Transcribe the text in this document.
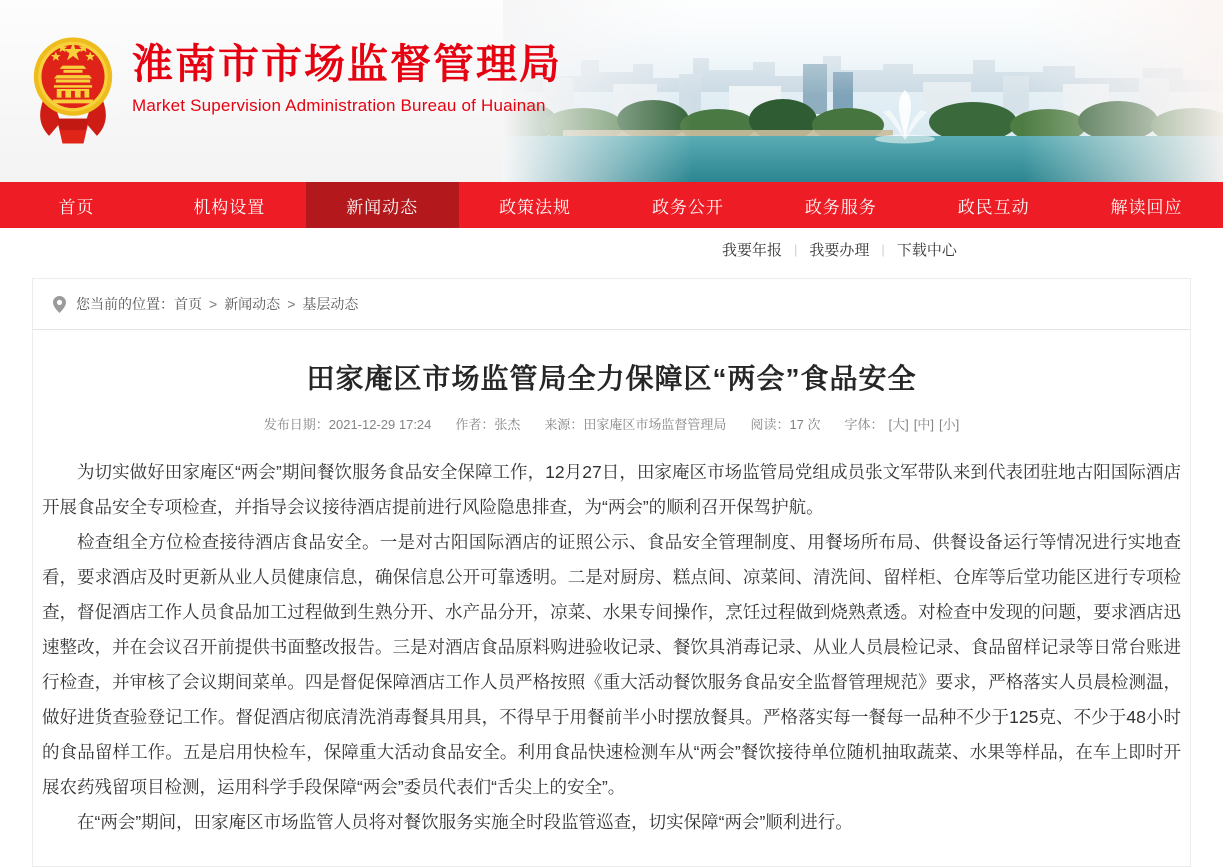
淮南市市场监督管理局
Market Supervision Administration Bureau of Huainan
首页	机构设置	新闻动态	政策法规	政务公开	政务服务	政民互动	解读回应
我要年报 | 我要办理 | 下载中心
您当前的位置： 首页 > 新闻动态 > 基层动态
田家庵区市场监管局全力保障区“两会”食品安全
发布日期：2021-12-29 17:24 作者：张杰 来源：田家庵区市场监督管理局 阅读：17 次 字体： [大] [中] [小]

为切实做好田家庵区“两会”期间餐饮服务食品安全保障工作，12月27日，田家庵区市场监管局党组成员张文军带队来到代表团驻地古阳国际酒店开展食品安全专项检查，并指导会议接待酒店提前进行风险隐患排查，为“两会”的顺利召开保驾护航。

检查组全方位检查接待酒店食品安全。一是对古阳国际酒店的证照公示、食品安全管理制度、用餐场所布局、供餐设备运行等情况进行实地查看，要求酒店及时更新从业人员健康信息，确保信息公开可靠透明。二是对厨房、糕点间、凉菜间、清洗间、留样柜、仓库等后堂功能区进行专项检查，督促酒店工作人员食品加工过程做到生熟分开、水产品分开，凉菜、水果专间操作，烹饪过程做到烧熟煮透。对检查中发现的问题，要求酒店迅速整改，并在会议召开前提供书面整改报告。三是对酒店食品原料购进验收记录、餐饮具消毒记录、从业人员晨检记录、食品留样记录等日常台账进行检查，并审核了会议期间菜单。四是督促保障酒店工作人员严格按照《重大活动餐饮服务食品安全监督管理规范》要求，严格落实人员晨检测温，做好进货查验登记工作。督促酒店彻底清洗消毒餐具用具，不得早于用餐前半小时摆放餐具。严格落实每一餐每一品种不少于125克、不少于48小时的食品留样工作。五是启用快检车，保障重大活动食品安全。利用食品快速检测车从“两会”餐饮接待单位随机抽取蔬菜、水果等样品，在车上即时开展农药残留项目检测，运用科学手段保障“两会”委员代表们“舌尖上的安全”。

在“两会”期间，田家庵区市场监管人员将对餐饮服务实施全时段监管巡查，切实保障“两会”顺利进行。
